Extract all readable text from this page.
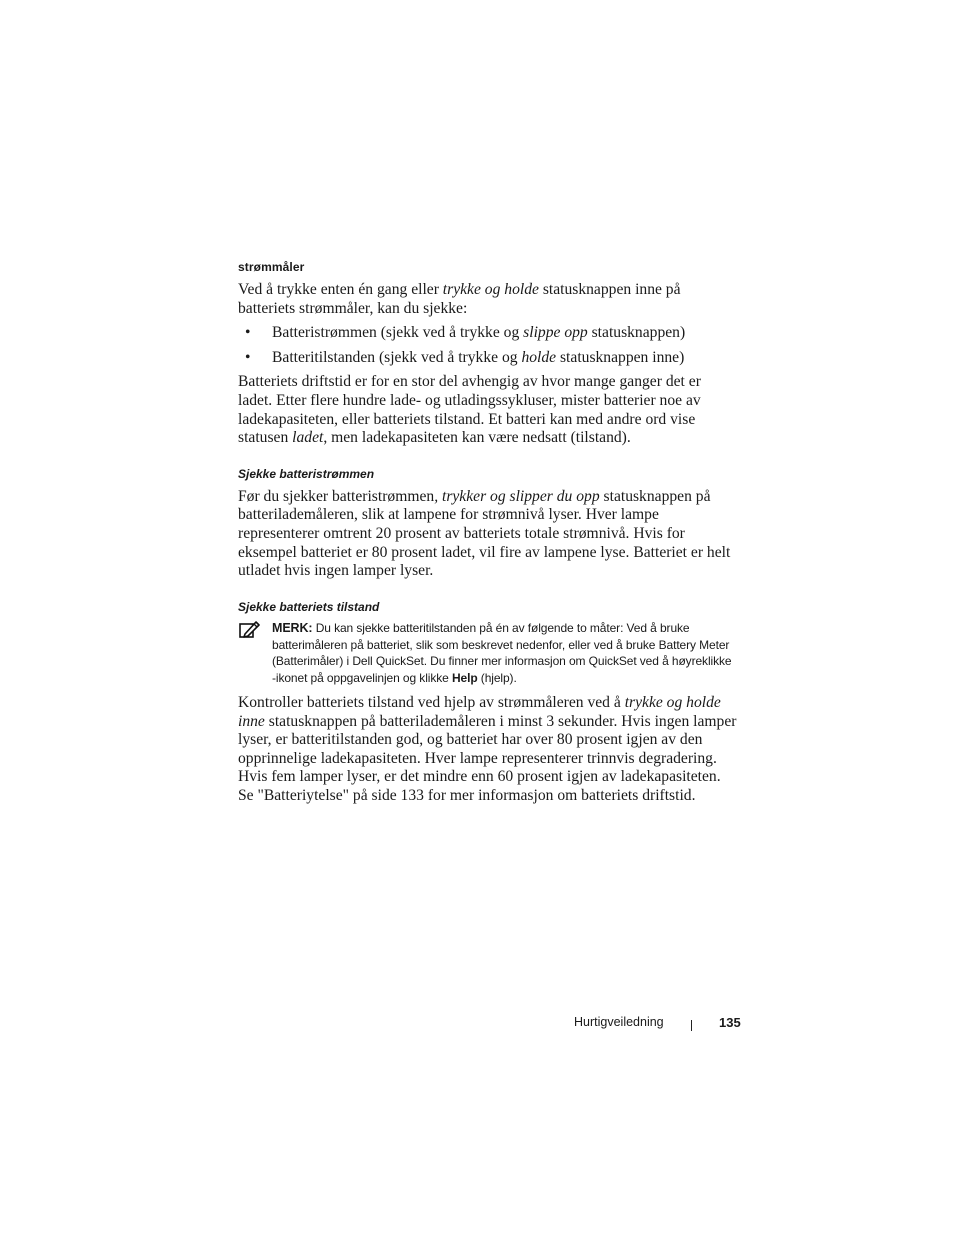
strømmåler

Ved å trykke enten én gang eller trykke og holde statusknappen inne på batteriets strømmåler, kan du sjekke:

• Batteristrømmen (sjekk ved å trykke og slippe opp statusknappen)
• Batteritilstanden (sjekk ved å trykke og holde statusknappen inne)

Batteriets driftstid er for en stor del avhengig av hvor mange ganger det er ladet. Etter flere hundre lade- og utladingssykluser, mister batterier noe av ladekapasiteten, eller batteriets tilstand. Et batteri kan med andre ord vise statusen ladet, men ladekapasiteten kan være nedsatt (tilstand).

Sjekke batteristrømmen

Før du sjekker batteristrømmen, trykker og slipper du opp statusknappen på batterilademåleren, slik at lampene for strømnivå lyser. Hver lampe representerer omtrent 20 prosent av batteriets totale strømnivå. Hvis for eksempel batteriet er 80 prosent ladet, vil fire av lampene lyse. Batteriet er helt utladet hvis ingen lamper lyser.

Sjekke batteriets tilstand
MERK: Du kan sjekke batteritilstanden på én av følgende to måter: Ved å bruke batterimåleren på batteriet, slik som beskrevet nedenfor, eller ved å bruke Battery Meter (Batterimåler) i Dell QuickSet. Du finner mer informasjon om QuickSet ved å høyreklikke -ikonet på oppgavelinjen og klikke Help (hjelp).

Kontroller batteriets tilstand ved hjelp av strømmåleren ved å trykke og holde inne statusknappen på batteriladеmåleren i minst 3 sekunder. Hvis ingen lamper lyser, er batteritilstanden god, og batteriet har over 80 prosent igjen av den opprinnelige ladekapasiteten. Hver lampe representerer trinnvis degradering. Hvis fem lamper lyser, er det mindre enn 60 prosent igjen av ladekapasiteten. Se "Batteriytelse" på side 133 for mer informasjon om batteriets driftstid.

Hurtigveiledning	135
